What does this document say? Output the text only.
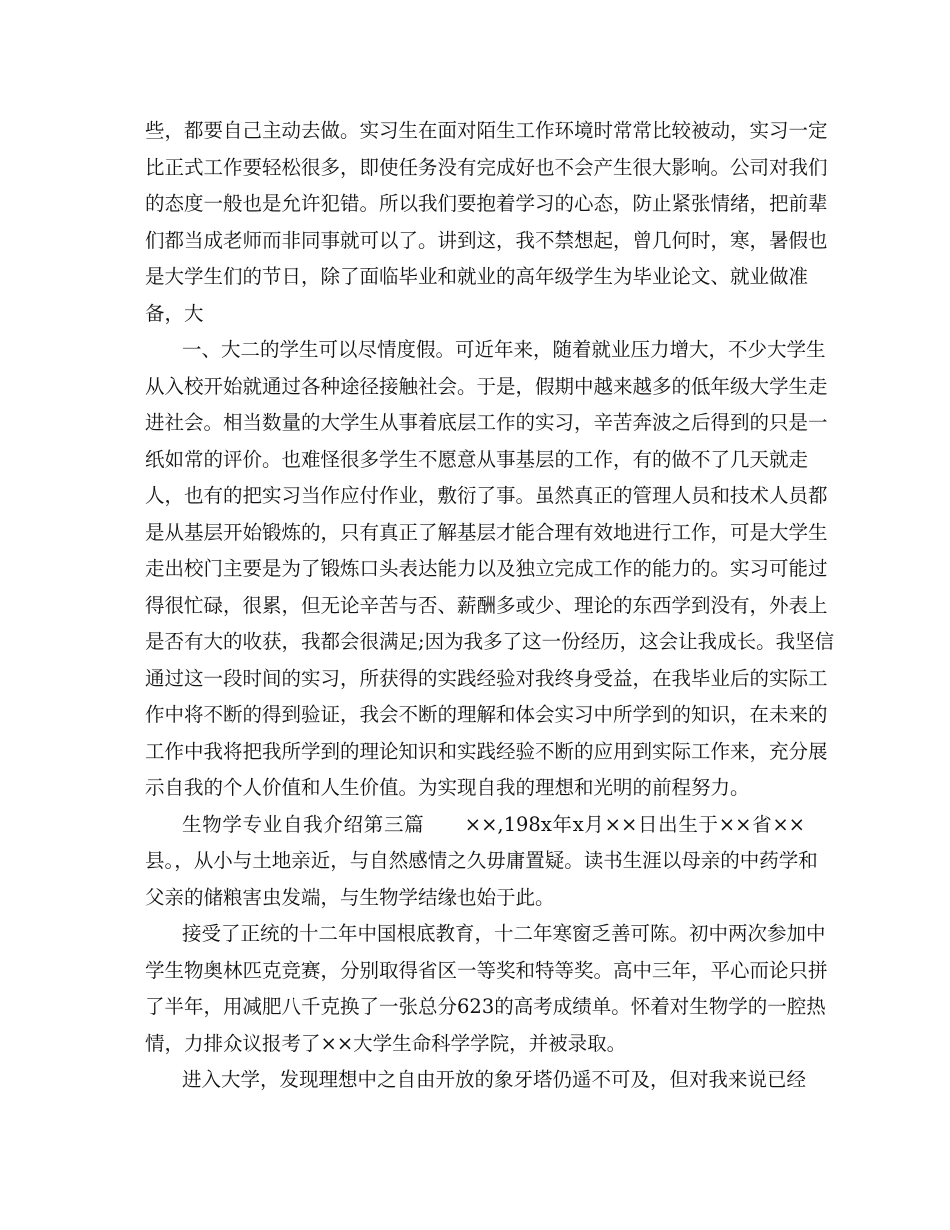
些，都要自己主动去做。实习生在面对陌生工作环境时常常比较被动，实习一定
比正式工作要轻松很多，即使任务没有完成好也不会产生很大影响。公司对我们
的态度一般也是允许犯错。所以我们要抱着学习的心态，防止紧张情绪，把前辈
们都当成老师而非同事就可以了。讲到这，我不禁想起，曾几何时，寒，暑假也
是大学生们的节日，除了面临毕业和就业的高年级学生为毕业论文、就业做准
备，大
一、大二的学生可以尽情度假。可近年来，随着就业压力增大，不少大学生
从入校开始就通过各种途径接触社会。于是，假期中越来越多的低年级大学生走
进社会。相当数量的大学生从事着底层工作的实习，辛苦奔波之后得到的只是一
纸如常的评价。也难怪很多学生不愿意从事基层的工作，有的做不了几天就走
人，也有的把实习当作应付作业，敷衍了事。虽然真正的管理人员和技术人员都
是从基层开始锻炼的，只有真正了解基层才能合理有效地进行工作，可是大学生
走出校门主要是为了锻炼口头表达能力以及独立完成工作的能力的。实习可能过
得很忙碌，很累，但无论辛苦与否、薪酬多或少、理论的东西学到没有，外表上
是否有大的收获，我都会很满足;因为我多了这一份经历，这会让我成长。我坚信
通过这一段时间的实习，所获得的实践经验对我终身受益，在我毕业后的实际工
作中将不断的得到验证，我会不断的理解和体会实习中所学到的知识，在未来的
工作中我将把我所学到的理论知识和实践经验不断的应用到实际工作来，充分展
示自我的个人价值和人生价值。为实现自我的理想和光明的前程努力。
生物学专业自我介绍第三篇　　××,198x年x月××日出生于××省××
县。，从小与土地亲近，与自然感情之久毋庸置疑。读书生涯以母亲的中药学和
父亲的储粮害虫发端，与生物学结缘也始于此。
接受了正统的十二年中国根底教育，十二年寒窗乏善可陈。初中两次参加中
学生物奥林匹克竞赛，分别取得省区一等奖和特等奖。高中三年，平心而论只拼
了半年，用减肥八千克换了一张总分623的高考成绩单。怀着对生物学的一腔热
情，力排众议报考了××大学生命科学学院，并被录取。
进入大学，发现理想中之自由开放的象牙塔仍遥不可及，但对我来说已经
